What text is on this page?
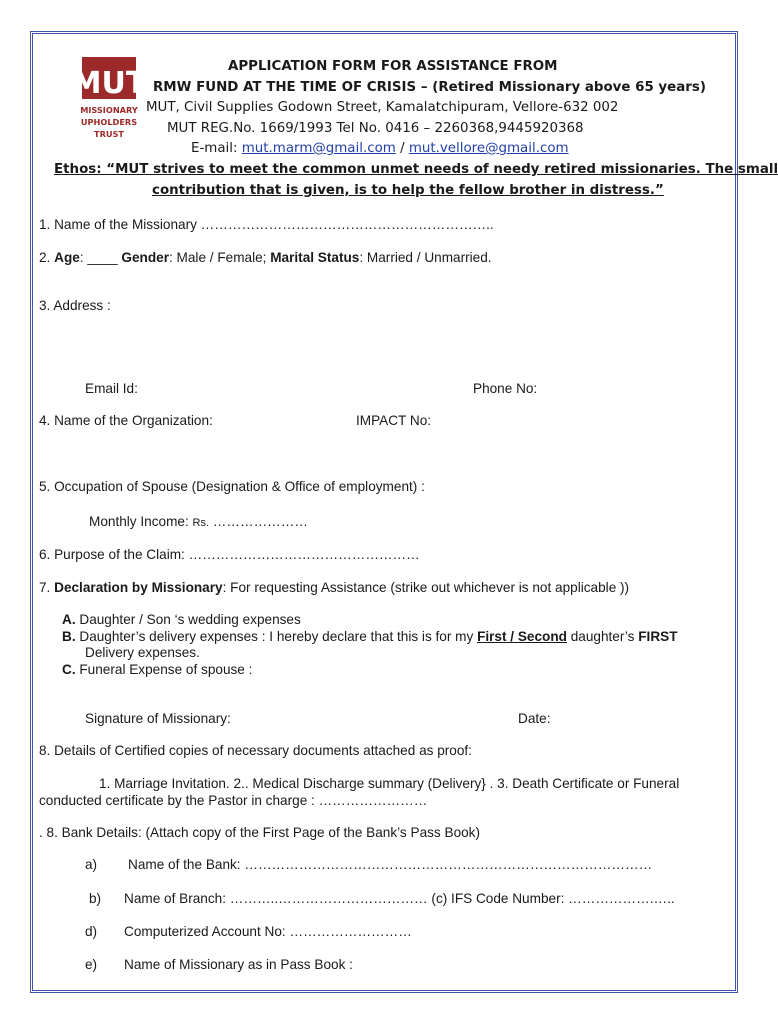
MUT
MISSIONARY
UPHOLDERS
TRUST
APPLICATION FORM FOR ASSISTANCE FROM
RMW FUND AT THE TIME OF CRISIS – (Retired Missionary above 65 years)
MUT, Civil Supplies Godown Street, Kamalatchipuram, Vellore-632 002
MUT REG.No. 1669/1993 Tel No. 0416 – 2260368,9445920368
E-mail: mut.marm@gmail.com / mut.vellore@gmail.com
Ethos: “MUT strives to meet the common unmet needs of needy retired missionaries. The small
contribution that is given, is to help the fellow brother in distress.”
1. Name of the Missionary ………………………………………………………..
2. Age: ____ Gender: Male / Female; Marital Status: Married / Unmarried.
3. Address :
Email Id:	Phone No:
4. Name of the Organization:	IMPACT No:
5. Occupation of Spouse (Designation & Office of employment) :
Monthly Income: Rs. …………………
6. Purpose of the Claim: ……………………………………………
7. Declaration by Missionary: For requesting Assistance (strike out whichever is not applicable ))
A. Daughter / Son ‘s wedding expenses
B. Daughter’s delivery expenses : I hereby declare that this is for my First / Second daughter’s FIRST
Delivery expenses.
C. Funeral Expense of spouse :
Signature of Missionary:	Date:
8. Details of Certified copies of necessary documents attached as proof:
1. Marriage Invitation. 2.. Medical Discharge summary (Delivery} . 3. Death Certificate or Funeral
conducted certificate by the Pastor in charge : ……………………
. 8. Bank Details: (Attach copy of the First Page of the Bank’s Pass Book)
a) Name of the Bank: ………………………………………………………………………………
b) Name of Branch: ………..…………………………… (c) IFS Code Number: ……………….…..
d) Computerized Account No: ………………………
e) Name of Missionary as in Pass Book :
